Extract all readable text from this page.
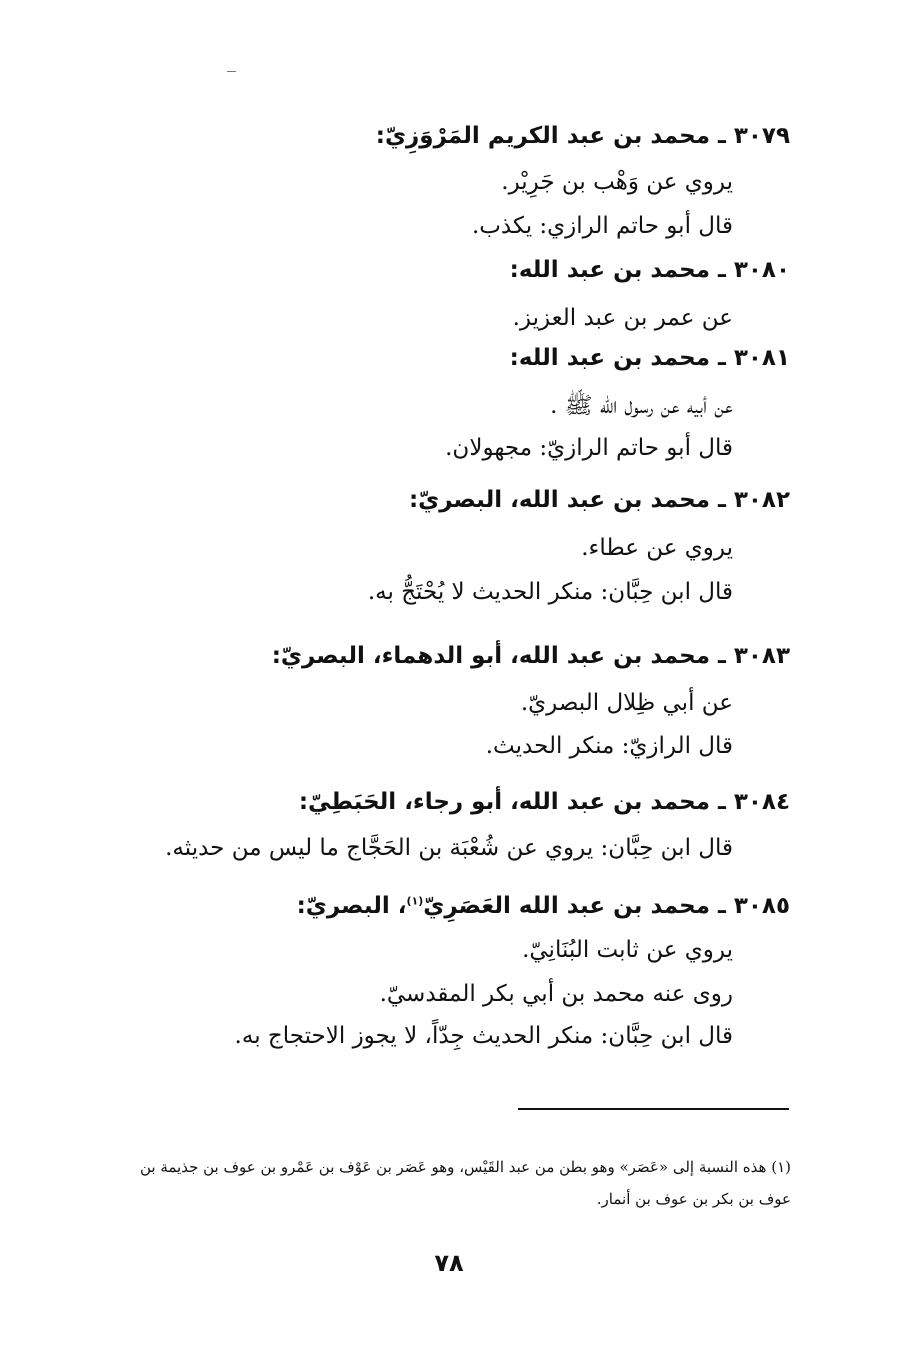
٣٠٧٩ ـ محمد بن عبد الكريم المَرْوَزِيّ:
يروي عن وَهْب بن جَرِيْر.
قال أبو حاتم الرازي: يكذب.
٣٠٨٠ ـ محمد بن عبد الله:
عن عمر بن عبد العزيز.
٣٠٨١ ـ محمد بن عبد الله:
عن أبيه عن رسول الله ﷺ .
قال أبو حاتم الرازيّ: مجهولان.
٣٠٨٢ ـ محمد بن عبد الله، البصريّ:
يروي عن عطاء.
قال ابن حِبَّان: منكر الحديث لا يُحْتَجُّ به.
٣٠٨٣ ـ محمد بن عبد الله، أبو الدهماء، البصريّ:
عن أبي ظِلال البصريّ.
قال الرازيّ: منكر الحديث.
٣٠٨٤ ـ محمد بن عبد الله، أبو رجاء، الحَبَطِيّ:
قال ابن حِبَّان: يروي عن شُعْبَة بن الحَجَّاج ما ليس من حديثه.
٣٠٨٥ ـ محمد بن عبد الله العَصَرِيّ$^{(١)}$، البصريّ:
يروي عن ثابت البُنَانِيّ.
روى عنه محمد بن أبي بكر المقدسيّ.
قال ابن حِبَّان: منكر الحديث جِدّاً، لا يجوز الاحتجاج به.
(١) هذه النسبة إلى «عَصَر» وهو بطن من عبد القَيْس، وهو عَصَر بن عَوْف بن عَمْرو بن عوف بن جذيمة بن
عوف بن بكر بن عوف بن أنمار.
٧٨
